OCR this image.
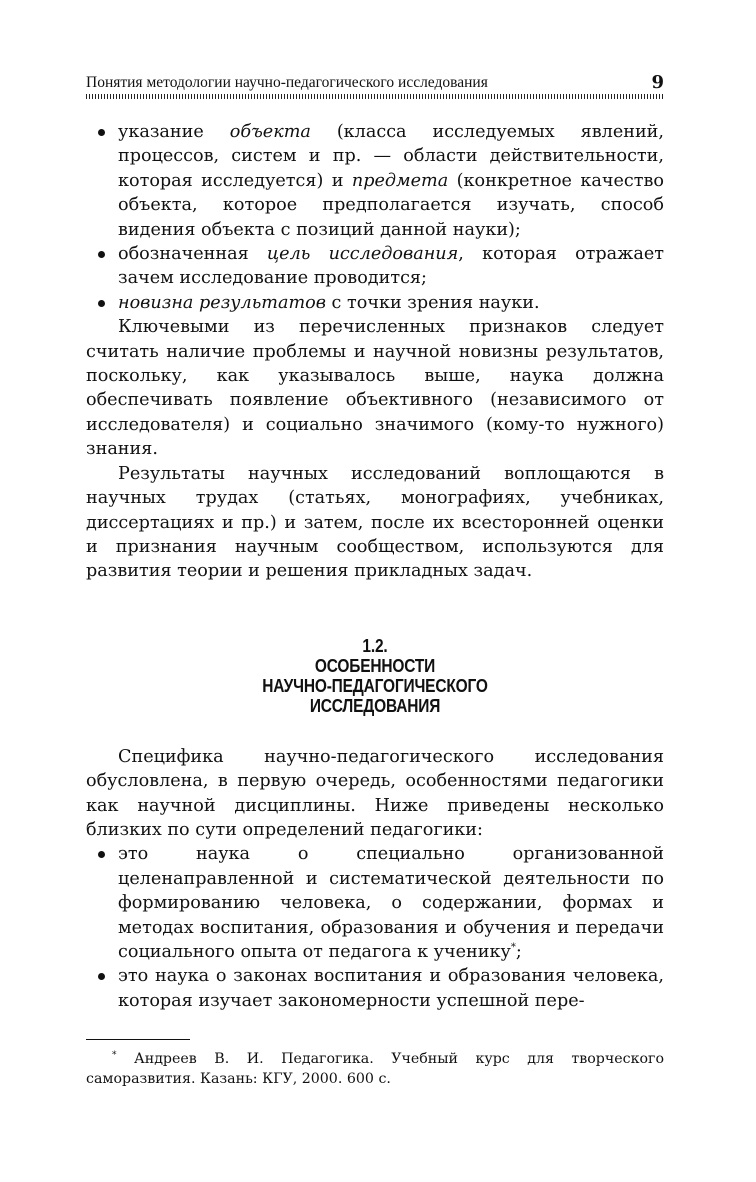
Понятия методологии научно-педагогического исследования	9
указание объекта (класса исследуемых явлений, процессов, систем и пр. — области действительности, которая исследуется) и предмета (конкретное качество объекта, которое предполагается изучать, способ видения объекта с позиций данной науки);
обозначенная цель исследования, которая отражает зачем исследование проводится;
новизна результатов с точки зрения науки.

Ключевыми из перечисленных признаков следует считать наличие проблемы и научной новизны результатов, поскольку, как указывалось выше, наука должна обеспечивать появление объективного (независимого от исследователя) и социально значимого (кому-то нужного) знания.

Результаты научных исследований воплощаются в научных трудах (статьях, монографиях, учебниках, диссертациях и пр.) и затем, после их всесторонней оценки и признания научным сообществом, используются для развития теории и решения прикладных задач.

1.2.
ОСОБЕННОСТИ
НАУЧНО-ПЕДАГОГИЧЕСКОГО
ИССЛЕДОВАНИЯ

Специфика научно-педагогического исследования обусловлена, в первую очередь, особенностями педагогики как научной дисциплины. Ниже приведены несколько близких по сути определений педагогики:

это наука о специально организованной целенаправленной и систематической деятельности по формированию человека, о содержании, формах и методах воспитания, образования и обучения и передачи социального опыта от педагога к ученику*;
это наука о законах воспитания и образования человека, которая изучает закономерности успешной пере-
* Андреев В. И. Педагогика. Учебный курс для творческого саморазвития. Казань: КГУ, 2000. 600 с.
